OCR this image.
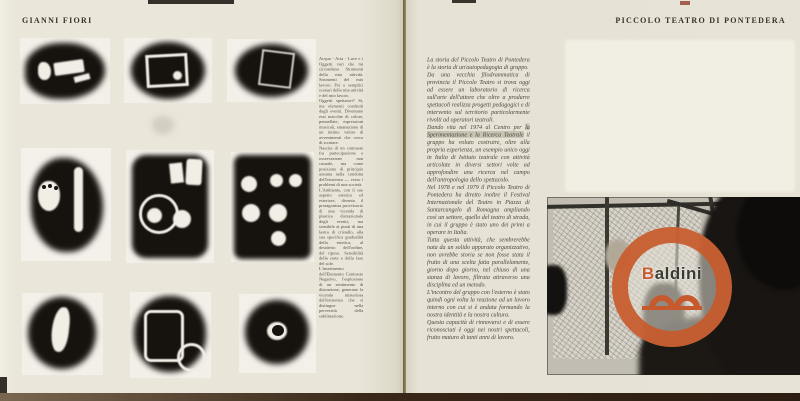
GIANNI FIORI	PICCOLO TEATRO DI PONTEDERA

Acqua - Aria - Luce e i Oggetti vari che mi circondano. Strumenti della mia attività. Strumenti del mio lavoro. Poi e semplici scenari della mia attività e del mio lavoro.

Oggetti spettatori? Sì, ma elementi costituiti degli eventi. Diventano essi macchie di colore, pennellate, espressioni musicali, emanazione di un intimo valore di avvenimenti che cerco di scrutare.

Nascita di un contrasto fra partecipazione e osservazione non casuale, ma come posizione di principio assunta nella condotta dell'esistenza — verso i problemi di una società.

L'Ambiente, con il suo aspetto estetico ed esteriore, diventa il protagonista provvisorio di una vicenda di plastica distrazionale degli eventi; ma sensibile ai punti di una lastra di cristallo, alla sua specifica gradualità della estetica, al desiderio dell'ordine, del riposo. Sensibilità della sorte e della fase del sole.

L'inserimento dell'Elemento Contrasto Negativo, l'esplosione di un sentimento di distrazione, generano la vicenda misteriosa dell'esistenza che si distingue nella perversità della sublimazione.

La storia del Piccolo Teatro di Pontedera è la storia di un'autopedagogia di gruppo.

Da una vecchia filodrammatica di provincia il Piccolo Teatro si trova oggi ad essere un laboratorio di ricerca sull'arte dell'attore che oltre a produrre spettacoli realizza progetti pedagogici e di intervento sul territorio particolarmente rivolti ad operatori teatrali.

Dando vita nel 1974 al Centro per la Sperimentazione e la Ricerca Teatrale il gruppo ha voluto costruire, oltre alla propria esperienza, un esempio unico oggi in Italia di Istituto teatrale con attività articolate in diversi settori volte ad approfondire una ricerca nel campo dell'antropologia dello spettacolo.

Nel 1978 e nel 1979 il Piccolo Teatro di Pontedera ha diretto inoltre il Festival Internazionale del Teatro in Piazza di Santarcangelo di Romagna ampliando così un settore, quello del teatro di strada, in cui il gruppo è stato uno dei primi a operare in Italia.

Tutta questa attività, che sembrerebbe nata da un solido apparato organizzativo, non avrebbe storia se non fosse stata il frutto di una scelta fatta parallelamente, giorno dopo giorno, nel chiuso di una stanza di lavoro, filtrata attraverso una disciplina ed un metodo.

L'incontro del gruppo con l'esterno è stato quindi ogni volta la reazione ad un lavoro interno con cui si è andata formando la nostra identità e la nostra cultura.

Questa capacità di rinnovarsi e di essere riconosciuti è oggi nei nostri spettacoli, frutto maturo di tanti anni di lavoro.

Baldini
